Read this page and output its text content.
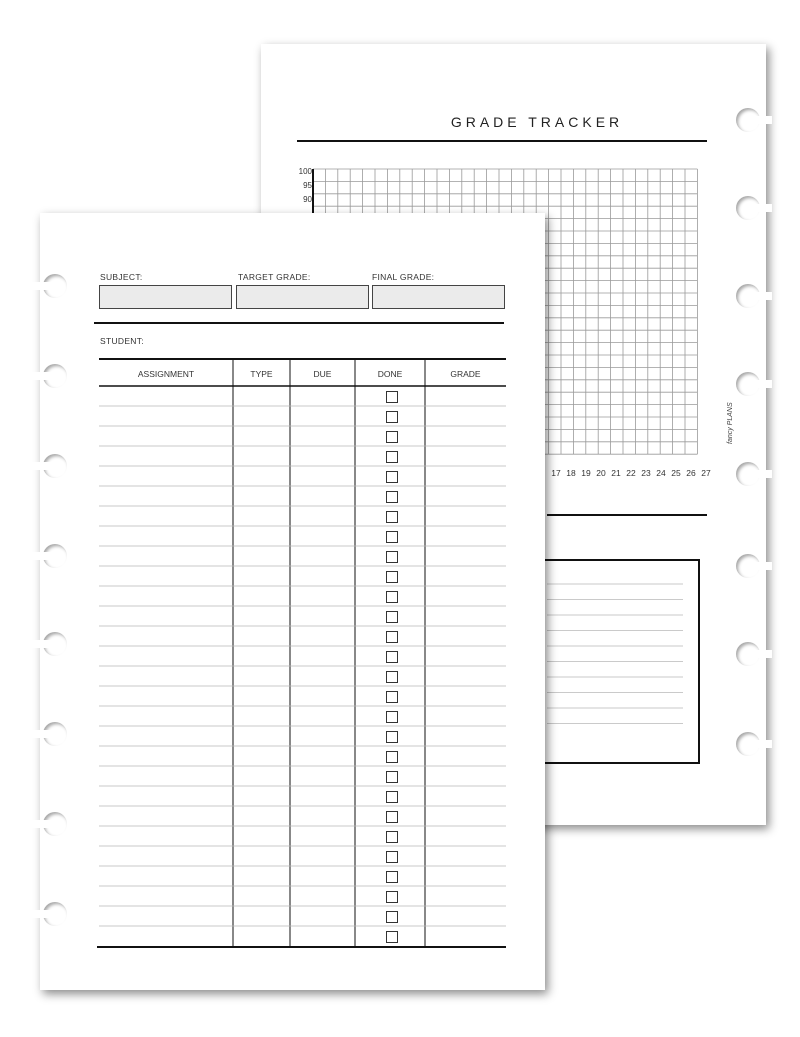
GRADE TRACKER
100
95
90
17 18 19 20 21 22 23 24 25 26 27
fancy PLANS
SUBJECT:	TARGET GRADE:	FINAL GRADE:
STUDENT:
ASSIGNMENT	TYPE	DUE	DONE	GRADE
